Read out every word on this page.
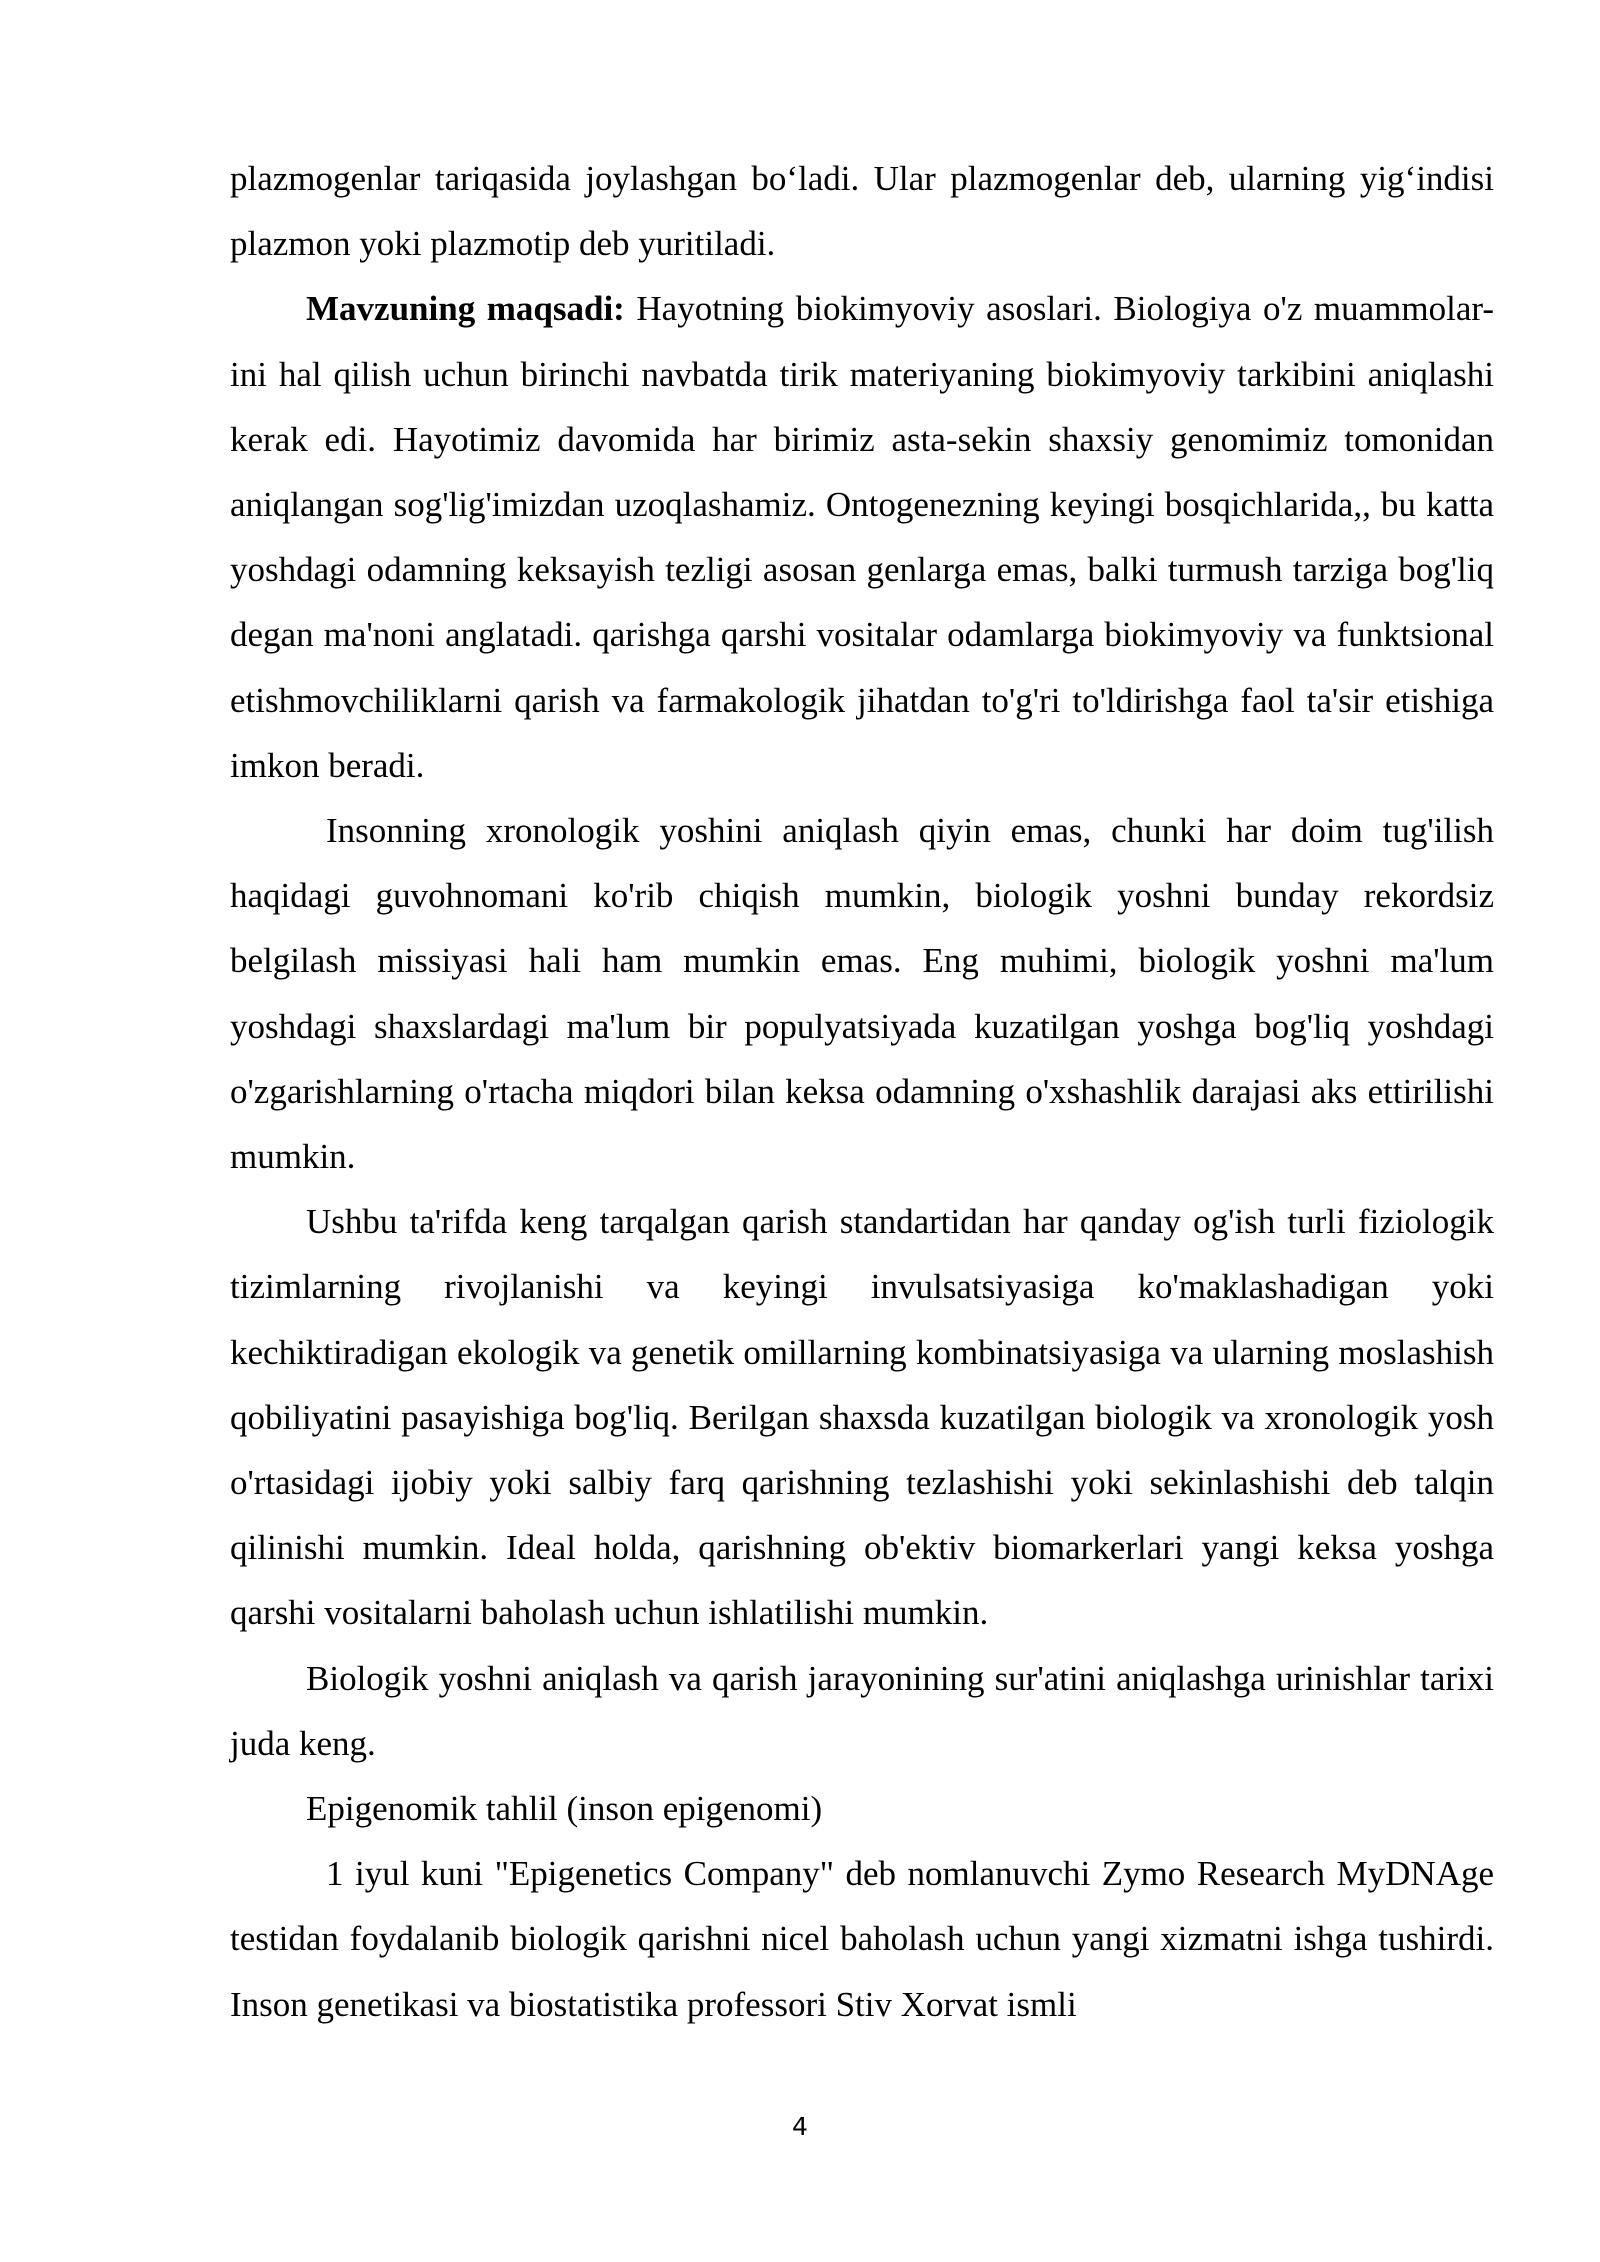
plazmogenlar tariqasida joylashgan bo‘ladi. Ular plazmogenlar deb, ularning yig‘indisi plazmon yoki plazmotip deb yuritiladi.

Mavzuning maqsadi: Hayotning biokimyoviy asoslari. Biologiya o'z muammolar-ini hal qilish uchun birinchi navbatda tirik materiyaning biokimyoviy tarkibini aniqlashi kerak edi. Hayotimiz davomida har birimiz asta-sekin shaxsiy genomimiz tomonidan aniqlangan sog'lig'imizdan uzoqlashamiz. Ontogenezning keyingi bosqichlarida,, bu katta yoshdagi odamning keksayish tezligi asosan genlarga emas, balki turmush tarziga bog'liq degan ma'noni anglatadi. qarishga qarshi vositalar odamlarga biokimyoviy va funktsional etishmovchiliklarni qarish va farmakologik jihatdan to'g'ri to'ldirishga faol ta'sir etishiga imkon beradi.

Insonning xronologik yoshini aniqlash qiyin emas, chunki har doim tug'ilish haqidagi guvohnomani ko'rib chiqish mumkin, biologik yoshni bunday rekordsiz belgilash missiyasi hali ham mumkin emas. Eng muhimi, biologik yoshni ma'lum yoshdagi shaxslardagi ma'lum bir populyatsiyada kuzatilgan yoshga bog'liq yoshdagi o'zgarishlarning o'rtacha miqdori bilan keksa odamning o'xshashlik darajasi aks ettirilishi mumkin.

Ushbu ta'rifda keng tarqalgan qarish standartidan har qanday og'ish turli fiziologik tizimlarning rivojlanishi va keyingi invulsatsiyasiga ko'maklashadigan yoki kechiktiradigan ekologik va genetik omillarning kombinatsiyasiga va ularning moslashish qobiliyatini pasayishiga bog'liq. Berilgan shaxsda kuzatilgan biologik va xronologik yosh o'rtasidagi ijobiy yoki salbiy farq qarishning tezlashishi yoki sekinlashishi deb talqin qilinishi mumkin. Ideal holda, qarishning ob'ektiv biomarkerlari yangi keksa yoshga qarshi vositalarni baholash uchun ishlatilishi mumkin.

Biologik yoshni aniqlash va qarish jarayonining sur'atini aniqlashga urinishlar tarixi juda keng.

Epigenomik tahlil (inson epigenomi)

1 iyul kuni "Epigenetics Company" deb nomlanuvchi Zymo Research MyDNAge testidan foydalanib biologik qarishni nicel baholash uchun yangi xizmatni ishga tushirdi. Inson genetikasi va biostatistika professori Stiv Xorvat ismli

4
